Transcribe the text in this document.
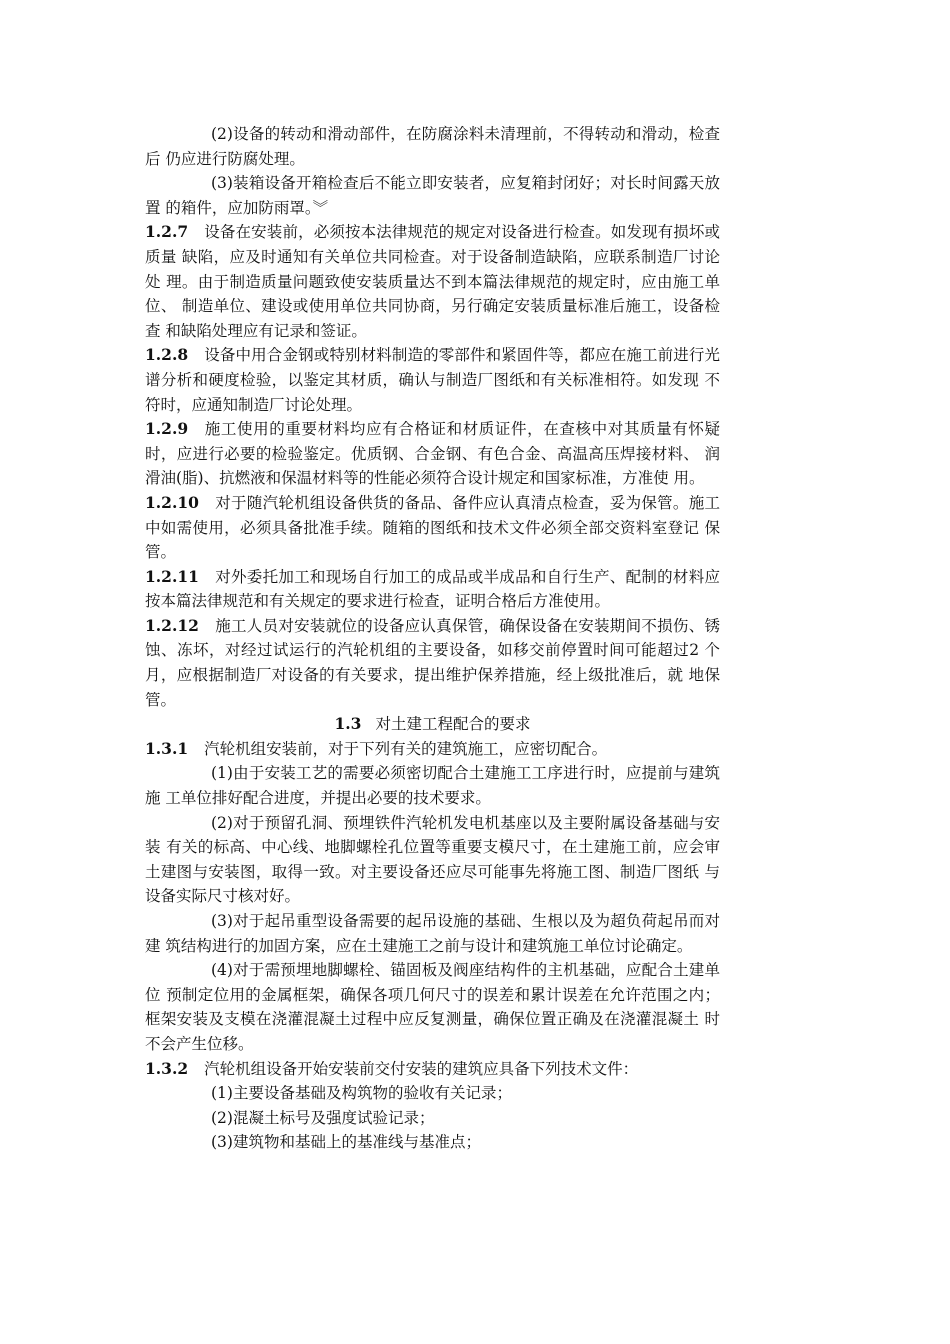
(2)设备的转动和滑动部件，在防腐涂料未清理前，不得转动和滑动，检查后 仍应进行防腐处理。

(3)装箱设备开箱检查后不能立即安装者，应复箱封闭好；对长时间露天放置 的箱件，应加防雨罩。︾

1.2.7 设备在安装前，必须按本法律规范的规定对设备进行检查。如发现有损坏或质量 缺陷，应及时通知有关单位共同检查。对于设备制造缺陷，应联系制造厂讨论处 理。由于制造质量问题致使安装质量达不到本篇法律规范的规定时，应由施工单位、 制造单位、建设或使用单位共同协商，另行确定安装质量标准后施工，设备检查 和缺陷处理应有记录和签证。

1.2.8 设备中用合金钢或特别材料制造的零部件和紧固件等，都应在施工前进行光 谱分析和硬度检验，以鉴定其材质，确认与制造厂图纸和有关标准相符。如发现 不符时，应通知制造厂讨论处理。

1.2.9 施工使用的重要材料均应有合格证和材质证件，在查核中对其质量有怀疑 时，应进行必要的检验鉴定。优质钢、合金钢、有色合金、高温高压焊接材料、 润滑油(脂)、抗燃液和保温材料等的性能必须符合设计规定和国家标准，方准使 用。

1.2.10 对于随汽轮机组设备供货的备品、备件应认真清点检查，妥为保管。施工 中如需使用，必须具备批准手续。随箱的图纸和技术文件必须全部交资料室登记 保管。

1.2.11 对外委托加工和现场自行加工的成品或半成品和自行生产、配制的材料应 按本篇法律规范和有关规定的要求进行检查，证明合格后方准使用。

1.2.12 施工人员对安装就位的设备应认真保管，确保设备在安装期间不损伤、锈 蚀、冻坏，对经过试运行的汽轮机组的主要设备，如移交前停置时间可能超过2 个月，应根据制造厂对设备的有关要求，提出维护保养措施，经上级批准后，就 地保管。

1.3 对土建工程配合的要求

1.3.1 汽轮机组安装前，对于下列有关的建筑施工，应密切配合。

(1)由于安装工艺的需要必须密切配合土建施工工序进行时，应提前与建筑施 工单位排好配合进度，并提出必要的技术要求。

(2)对于预留孔洞、预埋铁件汽轮机发电机基座以及主要附属设备基础与安装 有关的标高、中心线、地脚螺栓孔位置等重要支模尺寸，在土建施工前，应会审 土建图与安装图，取得一致。对主要设备还应尽可能事先将施工图、制造厂图纸 与设备实际尺寸核对好。

(3)对于起吊重型设备需要的起吊设施的基础、生根以及为超负荷起吊而对建 筑结构进行的加固方案，应在土建施工之前与设计和建筑施工单位讨论确定。

(4)对于需预埋地脚螺栓、锚固板及阀座结构件的主机基础，应配合土建单位 预制定位用的金属框架，确保各项几何尺寸的误差和累计误差在允许范围之内； 框架安装及支模在浇灌混凝土过程中应反复测量，确保位置正确及在浇灌混凝土 时不会产生位移。

1.3.2 汽轮机组设备开始安装前交付安装的建筑应具备下列技术文件：

(1)主要设备基础及构筑物的验收有关记录；

(2)混凝土标号及强度试验记录；

(3)建筑物和基础上的基准线与基准点；
